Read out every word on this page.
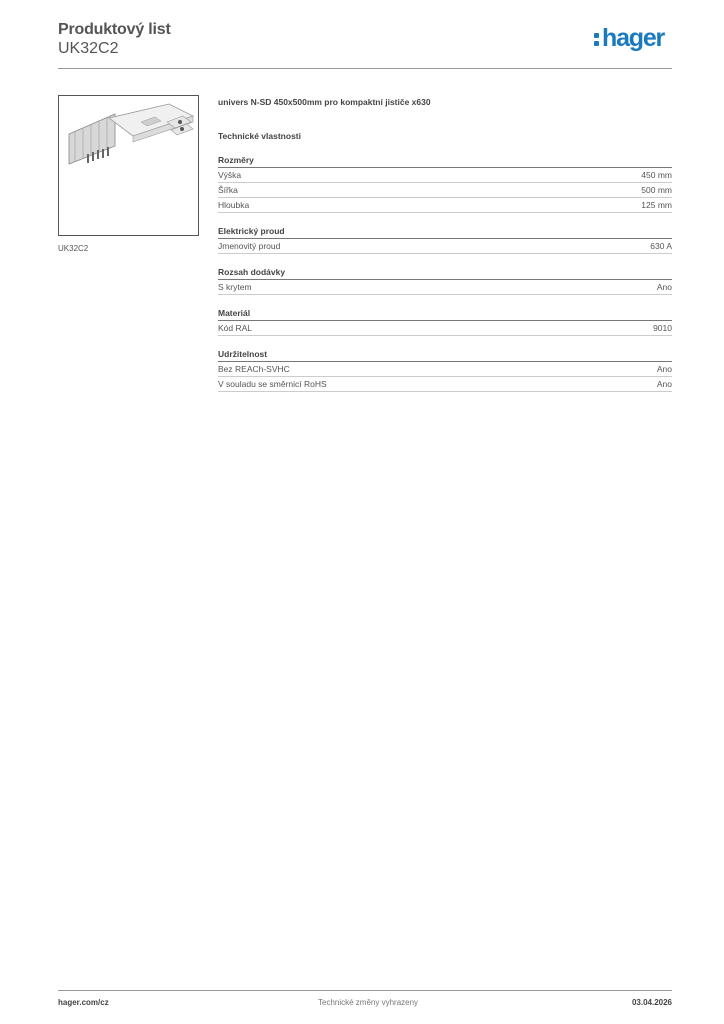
Produktový list
UK32C2	hager
UK32C2
univers N-SD 450x500mm pro kompaktní jističe x630
Technické vlastnosti
Rozměry
Výška	450 mm
Šířka	500 mm
Hloubka	125 mm
Elektrický proud
Jmenovitý proud	630 A
Rozsah dodávky
S krytem	Ano
Materiál
Kód RAL	9010
Udržitelnost
Bez REACh-SVHC	Ano
V souladu se směrnicí RoHS	Ano
hager.com/cz	Technické změny vyhrazeny	03.04.2026
